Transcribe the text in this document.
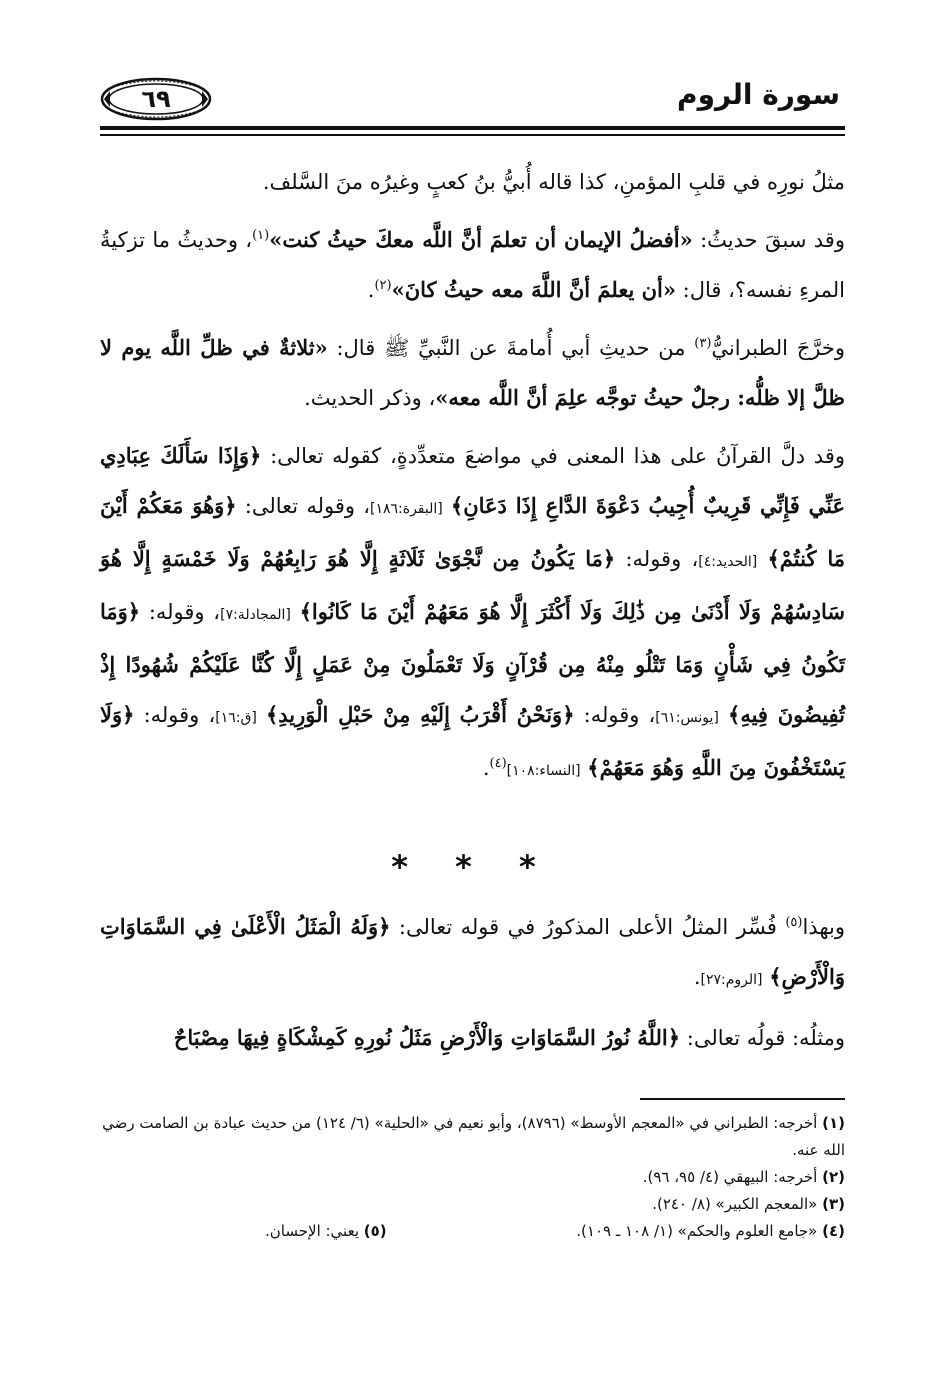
٦٩	سورة الروم

مثلُ نورِه في قلبِ المؤمنِ، كذا قاله أُبيُّ بنُ كعبٍ وغيرُه منَ السَّلف.

وقد سبقَ حديثُ: «أفضلُ الإيمان أن تعلمَ أنَّ اللَّه معكَ حيثُ كنت»$^{(١)}$، وحديثُ ما تزكيةُ المرءِ نفسه؟، قال: «أن يعلمَ أنَّ اللَّهَ معه حيثُ كانَ»$^{(٢)}$.

وخرَّجَ الطبرانيُّ$^{(٣)}$ من حديثِ أبي أُمامةَ عن النَّبيِّ ﷺ قال: «ثلاثةٌ في ظلِّ اللَّه يوم لا ظلَّ إلا ظلُّه: رجلٌ حيثُ توجَّه علِمَ أنَّ اللَّه معه»، وذكر الحديث.

وقد دلَّ القرآنُ على هذا المعنى في مواضعَ متعدِّدةٍ، كقوله تعالى: ﴿وَإِذَا سَأَلَكَ عِبَادِي عَنِّي فَإِنِّي قَرِيبٌ أُجِيبُ دَعْوَةَ الدَّاعِ إِذَا دَعَانِ﴾ [البقرة:١٨٦]، وقوله تعالى: ﴿وَهُوَ مَعَكُمْ أَيْنَ مَا كُنتُمْ﴾ [الحديد:٤]، وقوله: ﴿مَا يَكُونُ مِن نَّجْوَىٰ ثَلَاثَةٍ إِلَّا هُوَ رَابِعُهُمْ وَلَا خَمْسَةٍ إِلَّا هُوَ سَادِسُهُمْ وَلَا أَدْنَىٰ مِن ذَٰلِكَ وَلَا أَكْثَرَ إِلَّا هُوَ مَعَهُمْ أَيْنَ مَا كَانُوا﴾ [المجادلة:٧]، وقوله: ﴿وَمَا تَكُونُ فِي شَأْنٍ وَمَا تَتْلُو مِنْهُ مِن قُرْآنٍ وَلَا تَعْمَلُونَ مِنْ عَمَلٍ إِلَّا كُنَّا عَلَيْكُمْ شُهُودًا إِذْ تُفِيضُونَ فِيهِ﴾ [يونس:٦١]، وقوله: ﴿وَنَحْنُ أَقْرَبُ إِلَيْهِ مِنْ حَبْلِ الْوَرِيدِ﴾ [ق:١٦]، وقوله: ﴿وَلَا يَسْتَخْفُونَ مِنَ اللَّهِ وَهُوَ مَعَهُمْ﴾ [النساء:١٠٨]$^{(٤)}$.

* * *

وبهذا$^{(٥)}$ فُسِّر المثلُ الأعلى المذكورُ في قوله تعالى: ﴿وَلَهُ الْمَثَلُ الْأَعْلَىٰ فِي السَّمَاوَاتِ وَالْأَرْضِ﴾ [الروم:٢٧].

ومثلُه: قولُه تعالى: ﴿اللَّهُ نُورُ السَّمَاوَاتِ وَالْأَرْضِ مَثَلُ نُورِهِ كَمِشْكَاةٍ فِيهَا مِصْبَاحٌ

(١) أخرجه: الطبراني في «المعجم الأوسط» (٨٧٩٦)، وأبو نعيم في «الحلية» (٦/ ١٢٤) من حديث عبادة بن الصامت رضي الله عنه.
(٢) أخرجه: البيهقي (٤/ ٩٥، ٩٦).
(٣) «المعجم الكبير» (٨/ ٢٤٠).
(٤) «جامع العلوم والحكم» (١/ ١٠٨ ـ ١٠٩).
(٥) يعني: الإحسان.
